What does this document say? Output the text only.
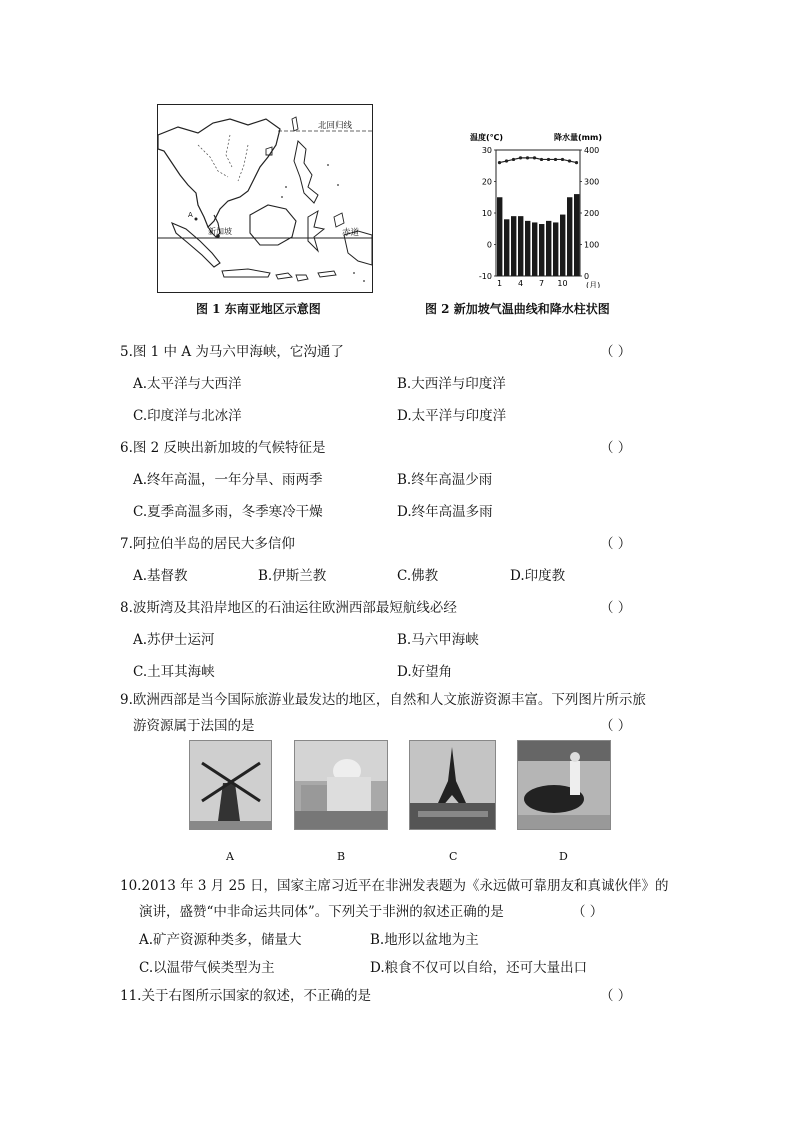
北回归线
赤道
新加坡
A
图 1 东南亚地区示意图
温度(℃)	降水量(mm)
30
20
10
0
-10
400
300
200
100
0
1 4 7 10 (月)
图 2 新加坡气温曲线和降水柱状图
5.图 1 中 A 为马六甲海峡，它沟通了	（ ）
A.太平洋与大西洋	B.大西洋与印度洋
C.印度洋与北冰洋	D.太平洋与印度洋
6.图 2 反映出新加坡的气候特征是	（ ）
A.终年高温，一年分旱、雨两季	B.终年高温少雨
C.夏季高温多雨，冬季寒冷干燥	D.终年高温多雨
7.阿拉伯半岛的居民大多信仰	（ ）
A.基督教	B.伊斯兰教	C.佛教	D.印度教
8.波斯湾及其沿岸地区的石油运往欧洲西部最短航线必经	（ ）
A.苏伊士运河	B.马六甲海峡
C.土耳其海峡	D.好望角
9.欧洲西部是当今国际旅游业最发达的地区，自然和人文旅游资源丰富。下列图片所示旅
游资源属于法国的是	（ ）
A	B	C	D
10.2013 年 3 月 25 日，国家主席习近平在非洲发表题为《永远做可靠朋友和真诚伙伴》的
演讲，盛赞“中非命运共同体”。下列关于非洲的叙述正确的是	（ ）
A.矿产资源种类多，储量大	B.地形以盆地为主
C.以温带气候类型为主	D.粮食不仅可以自给，还可大量出口
11.关于右图所示国家的叙述，不正确的是	（ ）
